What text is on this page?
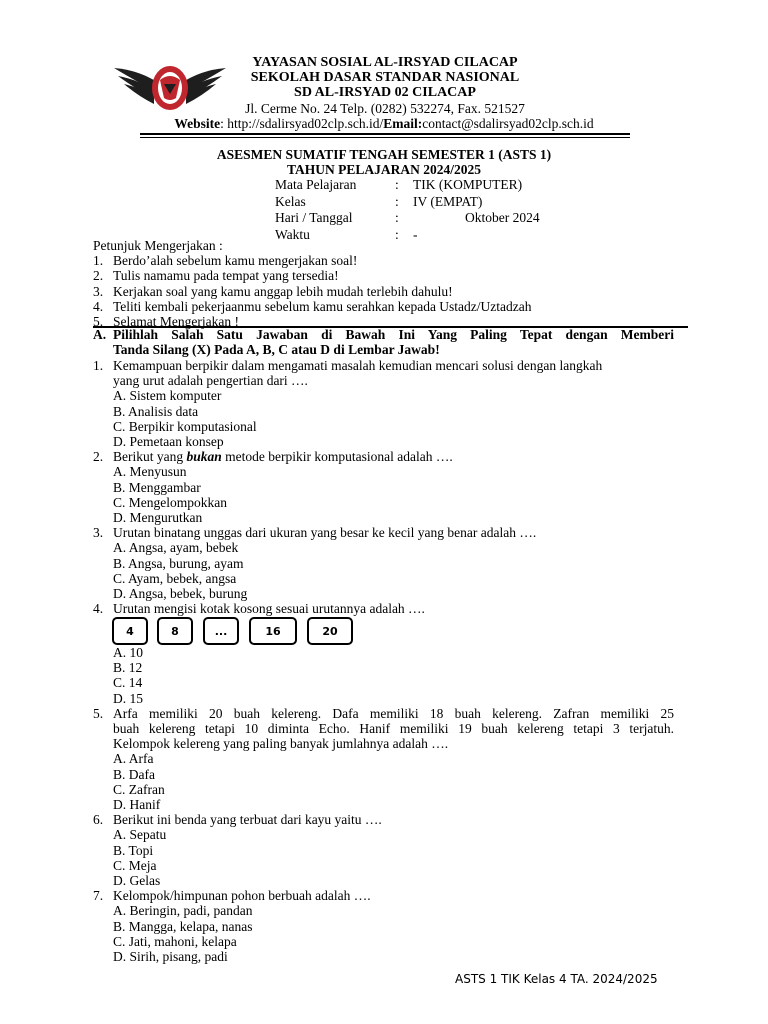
YAYASAN SOSIAL AL-IRSYAD CILACAP
SEKOLAH DASAR STANDAR NASIONAL
SD AL-IRSYAD 02 CILACAP
Jl. Cerme No. 24 Telp. (0282) 532274, Fax. 521527
Website: http://sdalirsyad02clp.sch.id/Email:contact@sdalirsyad02clp.sch.id
ASESMEN SUMATIF TENGAH SEMESTER 1 (ASTS 1)
TAHUN PELAJARAN 2024/2025
Mata Pelajaran	: TIK (KOMPUTER)
Kelas	: IV (EMPAT)
Hari / Tanggal	:	Oktober 2024
Waktu	: -
Petunjuk Mengerjakan :
1. Berdo’alah sebelum kamu mengerjakan soal!
2. Tulis namamu pada tempat yang tersedia!
3. Kerjakan soal yang kamu anggap lebih mudah terlebih dahulu!
4. Teliti kembali pekerjaanmu sebelum kamu serahkan kepada Ustadz/Uztadzah
5. Selamat Mengerjakan !
A. Pilihlah Salah Satu Jawaban di Bawah Ini Yang Paling Tepat dengan Memberi
Tanda Silang (X) Pada A, B, C atau D di Lembar Jawab!
1. Kemampuan berpikir dalam mengamati masalah kemudian mencari solusi dengan langkah
yang urut adalah pengertian dari ….
A. Sistem komputer
B. Analisis data
C. Berpikir komputasional
D. Pemetaan konsep
2. Berikut yang bukan metode berpikir komputasional adalah ….
A. Menyusun
B. Menggambar
C. Mengelompokkan
D. Mengurutkan
3. Urutan binatang unggas dari ukuran yang besar ke kecil yang benar adalah ….
A. Angsa, ayam, bebek
B. Angsa, burung, ayam
C. Ayam, bebek, angsa
D. Angsa, bebek, burung
4. Urutan mengisi kotak kosong sesuai urutannya adalah ….
4	8	...	16	20
A. 10
B. 12
C. 14
D. 15
5. Arfa memiliki 20 buah kelereng. Dafa memiliki 18 buah kelereng. Zafran memiliki 25
buah kelereng tetapi 10 diminta Echo. Hanif memiliki 19 buah kelereng tetapi 3 terjatuh.
Kelompok kelereng yang paling banyak jumlahnya adalah ….
A. Arfa
B. Dafa
C. Zafran
D. Hanif
6. Berikut ini benda yang terbuat dari kayu yaitu ….
A. Sepatu
B. Topi
C. Meja
D. Gelas
7. Kelompok/himpunan pohon berbuah adalah ….
A. Beringin, padi, pandan
B. Mangga, kelapa, nanas
C. Jati, mahoni, kelapa
D. Sirih, pisang, padi
ASTS 1 TIK Kelas 4 TA. 2024/2025
